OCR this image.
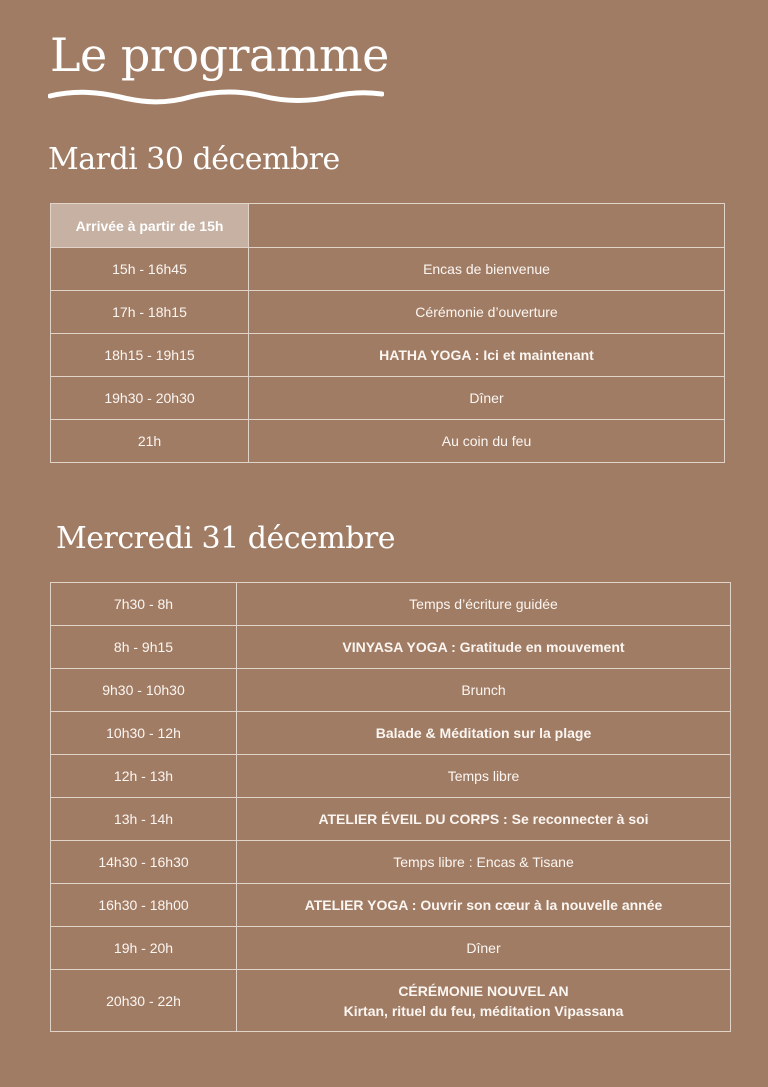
Le programme
Mardi 30 décembre
Arrivée à partir de 15h	
15h - 16h45	Encas de bienvenue
17h - 18h15	Cérémonie d’ouverture
18h15 - 19h15	HATHA YOGA : Ici et maintenant
19h30 - 20h30	Dîner
21h	Au coin du feu
Mercredi 31 décembre
7h30 - 8h	Temps d’écriture guidée
8h - 9h15	VINYASA YOGA : Gratitude en mouvement
9h30 - 10h30	Brunch
10h30 - 12h	Balade & Méditation sur la plage
12h - 13h	Temps libre
13h - 14h	ATELIER ÉVEIL DU CORPS : Se reconnecter à soi
14h30 - 16h30	Temps libre : Encas & Tisane
16h30 - 18h00	ATELIER YOGA : Ouvrir son cœur à la nouvelle année
19h - 20h	Dîner
20h30 - 22h	CÉRÉMONIE NOUVEL AN
Kirtan, rituel du feu, méditation Vipassana
